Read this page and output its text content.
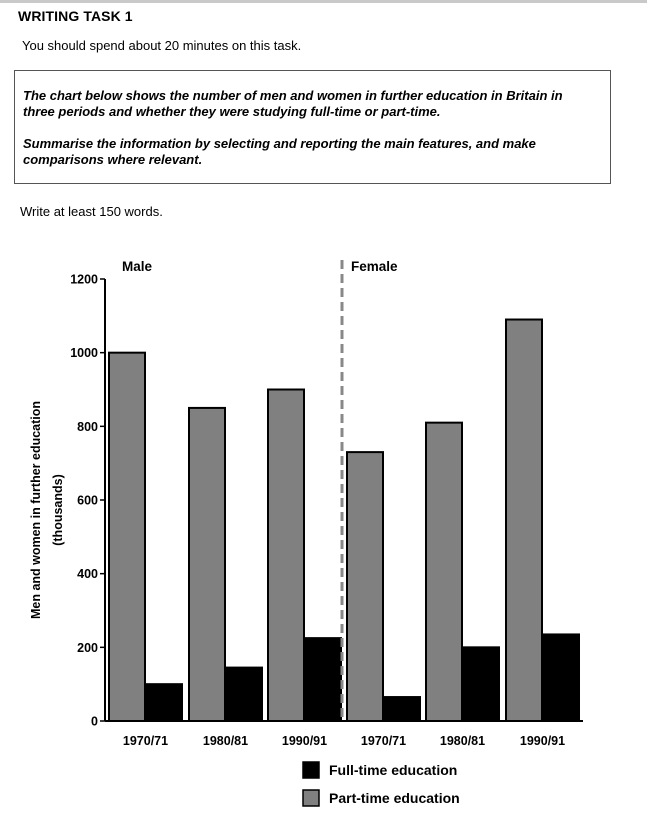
WRITING TASK 1
You should spend about 20 minutes on this task.

The chart below shows the number of men and women in further education in Britain in three periods and whether they were studying full-time or part-time.

Summarise the information by selecting and reporting the main features, and make comparisons where relevant.

Write at least 150 words.
0
200
400
600
800
1000
1200
1970/71	1980/81	1990/91	1970/71	1980/81	1990/91
Male	Female
Full-time education
Part-time education
Men and women in further education (thousands)
